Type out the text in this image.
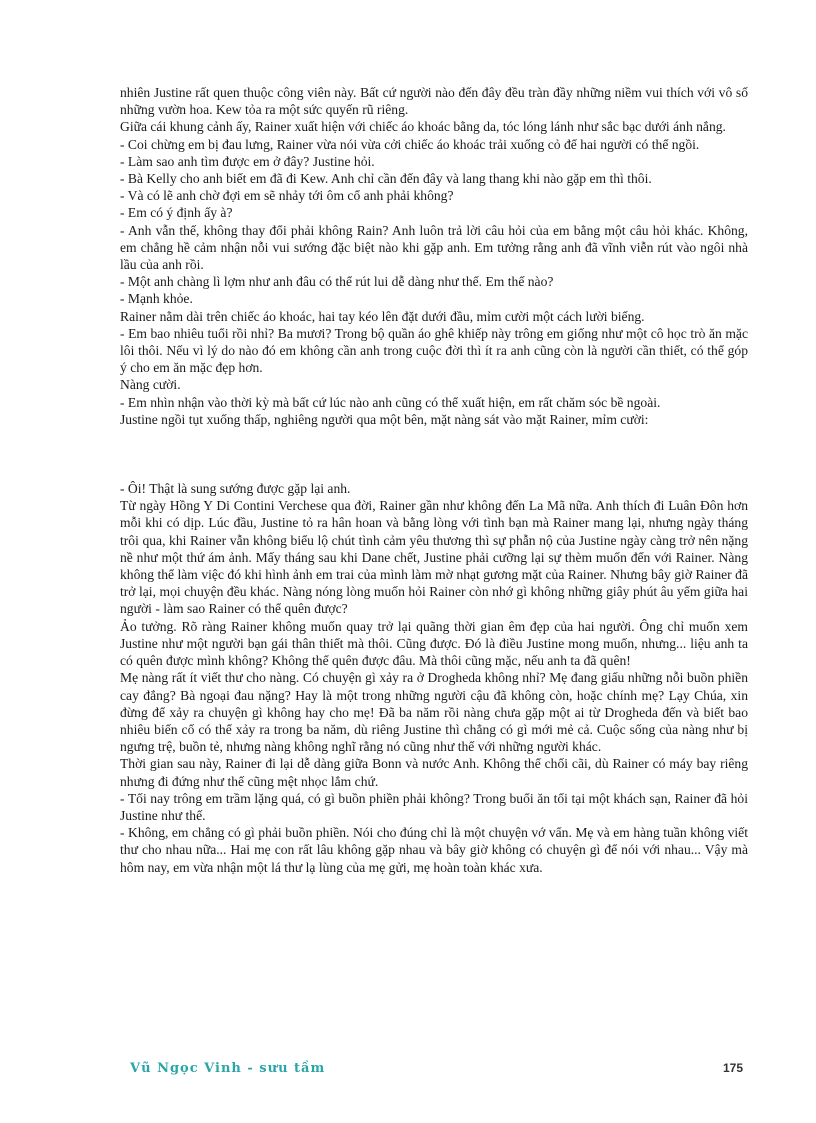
nhiên Justine rất quen thuộc công viên này. Bất cứ người nào đến đây đều tràn đầy những niềm vui thích với vô số những vườn hoa. Kew tỏa ra một sức quyến rũ riêng.

Giữa cái khung cảnh ấy, Rainer xuất hiện với chiếc áo khoác bằng da, tóc lóng lánh như sắc bạc dưới ánh nắng.

- Coi chừng em bị đau lưng, Rainer vừa nói vừa cởi chiếc áo khoác trải xuống cỏ để hai người có thể ngồi.

- Làm sao anh tìm được em ở đây? Justine hỏi.

- Bà Kelly cho anh biết em đã đi Kew. Anh chỉ cần đến đây và lang thang khi nào gặp em thì thôi.

- Và có lẽ anh chờ đợi em sẽ nhảy tới ôm cổ anh phải không?

- Em có ý định ấy à?

- Anh vẫn thế, không thay đổi phải không Rain? Anh luôn trả lời câu hỏi của em bằng một câu hỏi khác. Không, em chẳng hề cảm nhận nỗi vui sướng đặc biệt nào khi gặp anh. Em tưởng rằng anh đã vĩnh viễn rút vào ngôi nhà lầu của anh rồi.

- Một anh chàng lì lợm như anh đâu có thể rút lui dễ dàng như thế. Em thế nào?

- Mạnh khỏe.

Rainer nằm dài trên chiếc áo khoác, hai tay kéo lên đặt dưới đầu, mỉm cười một cách lười biếng.

- Em bao nhiêu tuổi rồi nhỉ? Ba mươi? Trong bộ quần áo ghê khiếp này trông em giống như một cô học trò ăn mặc lôi thôi. Nếu vì lý do nào đó em không cần anh trong cuộc đời thì ít ra anh cũng còn là người cần thiết, có thể góp ý cho em ăn mặc đẹp hơn.

Nàng cười.

- Em nhìn nhận vào thời kỳ mà bất cứ lúc nào anh cũng có thể xuất hiện, em rất chăm sóc bề ngoài.

Justine ngồi tụt xuống thấp, nghiêng người qua một bên, mặt nàng sát vào mặt Rainer, mỉm cười:

- Ôi! Thật là sung sướng được gặp lại anh.

Từ ngày Hồng Y Di Contini Verchese qua đời, Rainer gần như không đến La Mã nữa. Anh thích đi Luân Đôn hơn mỗi khi có dịp. Lúc đầu, Justine tỏ ra hân hoan và bằng lòng với tình bạn mà Rainer mang lại, nhưng ngày tháng trôi qua, khi Rainer vẫn không biểu lộ chút tình cảm yêu thương thì sự phẫn nộ của Justine ngày càng trở nên nặng nề như một thứ ám ảnh. Mấy tháng sau khi Dane chết, Justine phải cưỡng lại sự thèm muốn đến với Rainer. Nàng không thể làm việc đó khi hình ảnh em trai của mình làm mờ nhạt gương mặt của Rainer. Nhưng bây giờ Rainer đã trở lại, mọi chuyện đều khác. Nàng nóng lòng muốn hỏi Rainer còn nhớ gì không những giây phút âu yếm giữa hai người - làm sao Rainer có thể quên được?

Ảo tưởng. Rõ ràng Rainer không muốn quay trở lại quãng thời gian êm đẹp của hai người. Ông chỉ muốn xem Justine như một người bạn gái thân thiết mà thôi. Cũng được. Đó là điều Justine mong muốn, nhưng... liệu anh ta có quên được mình không? Không thể quên được đâu. Mà thôi cũng mặc, nếu anh ta đã quên!

Mẹ nàng rất ít viết thư cho nàng. Có chuyện gì xảy ra ở Drogheda không nhỉ? Mẹ đang giấu những nỗi buồn phiền cay đắng? Bà ngoại đau nặng? Hay là một trong những người cậu đã không còn, hoặc chính mẹ? Lạy Chúa, xin đừng để xảy ra chuyện gì không hay cho mẹ! Đã ba năm rồi nàng chưa gặp một ai từ Drogheda đến và biết bao nhiêu biến cố có thể xảy ra trong ba năm, dù riêng Justine thì chẳng có gì mới mẻ cả. Cuộc sống của nàng như bị ngưng trệ, buồn tẻ, nhưng nàng không nghĩ rằng nó cũng như thế với những người khác.

Thời gian sau này, Rainer đi lại dễ dàng giữa Bonn và nước Anh. Không thể chối cãi, dù Rainer có máy bay riêng nhưng đi đứng như thế cũng mệt nhọc lắm chứ.

- Tối nay trông em trầm lặng quá, có gì buồn phiền phải không? Trong buổi ăn tối tại một khách sạn, Rainer đã hỏi Justine như thế.

- Không, em chẳng có gì phải buồn phiền. Nói cho đúng chỉ là một chuyện vớ vẩn. Mẹ và em hàng tuần không viết thư cho nhau nữa... Hai mẹ con rất lâu không gặp nhau và bây giờ không có chuyện gì để nói với nhau... Vậy mà hôm nay, em vừa nhận một lá thư lạ lùng của mẹ gửi, mẹ hoàn toàn khác xưa.

Vũ Ngọc Vinh - sưu tầm	175
